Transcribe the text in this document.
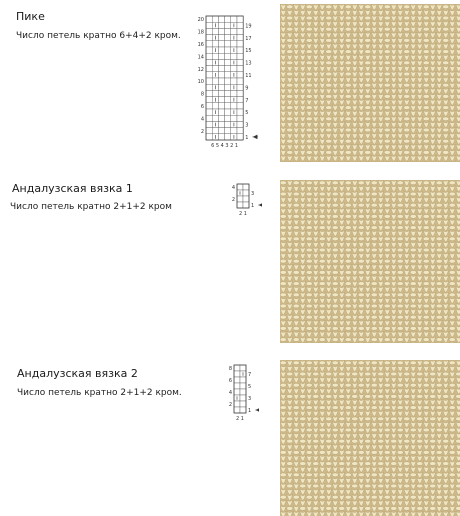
Пике
Число петель кратно 6+4+2 кром.
20
18
16
14
12
10
8
6
4
2
19
17
15
13
11
9
7
5
3
1
6 5 4 3 2 1
Андалузская вязка 1
Число петель кратно 2+1+2 кром
4
2
3
1
2 1
Андалузская вязка 2
Число петель кратно 2+1+2 кром.
8
6
4
2
7
5
3
1
2 1
